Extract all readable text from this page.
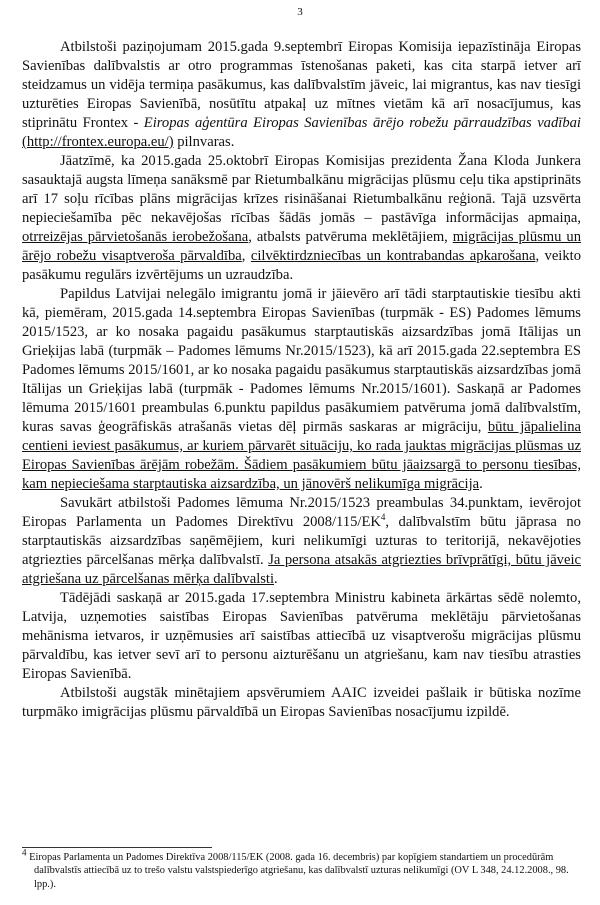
3

Atbilstoši paziņojumam 2015.gada 9.septembrī Eiropas Komisija iepazīstināja Eiropas Savienības dalībvalstis ar otro programmas īstenošanas paketi, kas cita starpā ietver arī steidzamus un vidēja termiņa pasākumus, kas dalībvalstīm jāveic, lai migrantus, kas nav tiesīgi uzturēties Eiropas Savienībā, nosūtītu atpakaļ uz mītnes vietām kā arī nosacījumus, kas stiprinātu Frontex - Eiropas aģentūra Eiropas Savienības ārējo robežu pārraudzības vadībai (http://frontex.europa.eu/) pilnvaras.

Jāatzīmē, ka 2015.gada 25.oktobrī Eiropas Komisijas prezidenta Žana Kloda Junkera sasauktajā augsta līmeņa sanāksmē par Rietumbalkānu migrācijas plūsmu ceļu tika apstiprināts arī 17 soļu rīcības plāns migrācijas krīzes risināšanai Rietumbalkānu reģionā. Tajā uzsvērta nepieciešamība pēc nekavējošas rīcības šādās jomās – pastāvīga informācijas apmaiņa, otrreizējas pārvietošanās ierobežošana, atbalsts patvēruma meklētājiem, migrācijas plūsmu un ārējo robežu visaptveroša pārvaldība, cilvēktirdzniecības un kontrabandas apkarošana, veikto pasākumu regulārs izvērtējums un uzraudzība.

Papildus Latvijai nelegālo imigrantu jomā ir jāievēro arī tādi starptautiskie tiesību akti kā, piemēram, 2015.gada 14.septembra Eiropas Savienības (turpmāk - ES) Padomes lēmums 2015/1523, ar ko nosaka pagaidu pasākumus starptautiskās aizsardzības jomā Itālijas un Grieķijas labā (turpmāk – Padomes lēmums Nr.2015/1523), kā arī 2015.gada 22.septembra ES Padomes lēmums 2015/1601, ar ko nosaka pagaidu pasākumus starptautiskās aizsardzības jomā Itālijas un Grieķijas labā (turpmāk - Padomes lēmums Nr.2015/1601). Saskaņā ar Padomes lēmuma 2015/1601 preambulas 6.punktu papildus pasākumiem patvēruma jomā dalībvalstīm, kuras savas ģeogrāfiskās atrašanās vietas dēļ pirmās saskaras ar migrāciju, būtu jāpalielina centieni ieviest pasākumus, ar kuriem pārvarēt situāciju, ko rada jauktas migrācijas plūsmas uz Eiropas Savienības ārējām robežām. Šādiem pasākumiem būtu jāaizsargā to personu tiesības, kam nepieciešama starptautiska aizsardzība, un jānovērš nelikumīga migrācija.

Savukārt atbilstoši Padomes lēmuma Nr.2015/1523 preambulas 34.punktam, ievērojot Eiropas Parlamenta un Padomes Direktīvu $2008/115/EK^4$, dalībvalstīm būtu jāprasa no starptautiskās aizsardzības saņēmējiem, kuri nelikumīgi uzturas to teritorijā, nekavējoties atgriezties pārcelšanas mērķa dalībvalstī. Ja persona atsakās atgriezties brīvprātīgi, būtu jāveic atgriešana uz pārcelšanas mērķa dalībvalsti.

Tādējādi saskaņā ar 2015.gada 17.septembra Ministru kabineta ārkārtas sēdē nolemto, Latvija, uzņemoties saistības Eiropas Savienības patvēruma meklētāju pārvietošanas mehānisma ietvaros, ir uzņēmusies arī saistības attiecībā uz visaptverošu migrācijas plūsmu pārvaldību, kas ietver sevī arī to personu aizturēšanu un atgriešanu, kam nav tiesību atrasties Eiropas Savienībā.

Atbilstoši augstāk minētajiem apsvērumiem AAIC izveidei pašlaik ir būtiska nozīme turpmāko imigrācijas plūsmu pārvaldībā un Eiropas Savienības nosacījumu izpildē.

$^4$ Eiropas Parlamenta un Padomes Direktīva 2008/115/EK (2008. gada 16. decembris) par kopīgiem standartiem un procedūrām dalībvalstīs attiecībā uz to trešo valstu valstspiederīgo atgriešanu, kas dalībvalstī uzturas nelikumīgi (OV L 348, 24.12.2008., 98. lpp.).
